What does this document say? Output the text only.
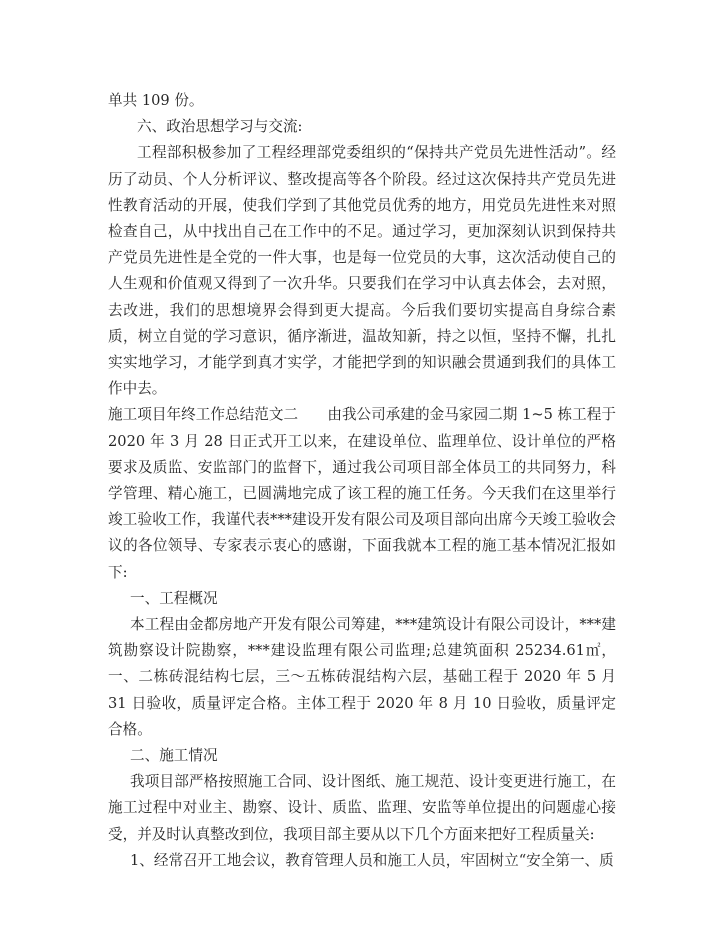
单共 109 份。

六、政治思想学习与交流:

工程部积极参加了工程经理部党委组织的“保持共产党员先进性活动”。经历了动员、个人分析评议、整改提高等各个阶段。经过这次保持共产党员先进性教育活动的开展，使我们学到了其他党员优秀的地方，用党员先进性来对照检查自己，从中找出自己在工作中的不足。通过学习，更加深刻认识到保持共产党员先进性是全党的一件大事，也是每一位党员的大事，这次活动使自己的人生观和价值观又得到了一次升华。只要我们在学习中认真去体会，去对照，去改进，我们的思想境界会得到更大提高。今后我们要切实提高自身综合素质，树立自觉的学习意识，循序渐进，温故知新，持之以恒，坚持不懈，扎扎实实地学习，才能学到真才实学，才能把学到的知识融会贯通到我们的具体工作中去。

施工项目年终工作总结范文二　　由我公司承建的金马家园二期 1~5 栋工程于 2020 年 3 月 28 日正式开工以来，在建设单位、监理单位、设计单位的严格要求及质监、安监部门的监督下，通过我公司项目部全体员工的共同努力，科学管理、精心施工，已圆满地完成了该工程的施工任务。今天我们在这里举行竣工验收工作，我谨代表***建设开发有限公司及项目部向出席今天竣工验收会议的各位领导、专家表示衷心的感谢，下面我就本工程的施工基本情况汇报如下:

一、工程概况

本工程由金都房地产开发有限公司筹建，***建筑设计有限公司设计，***建筑勘察设计院勘察，***建设监理有限公司监理;总建筑面积 25234.61㎡，一、二栋砖混结构七层，三～五栋砖混结构六层，基础工程于 2020 年 5 月 31 日验收，质量评定合格。主体工程于 2020 年 8 月 10 日验收，质量评定合格。

二、施工情况

我项目部严格按照施工合同、设计图纸、施工规范、设计变更进行施工，在施工过程中对业主、勘察、设计、质监、监理、安监等单位提出的问题虚心接受，并及时认真整改到位，我项目部主要从以下几个方面来把好工程质量关:

1、经常召开工地会议，教育管理人员和施工人员，牢固树立“安全第一、质
